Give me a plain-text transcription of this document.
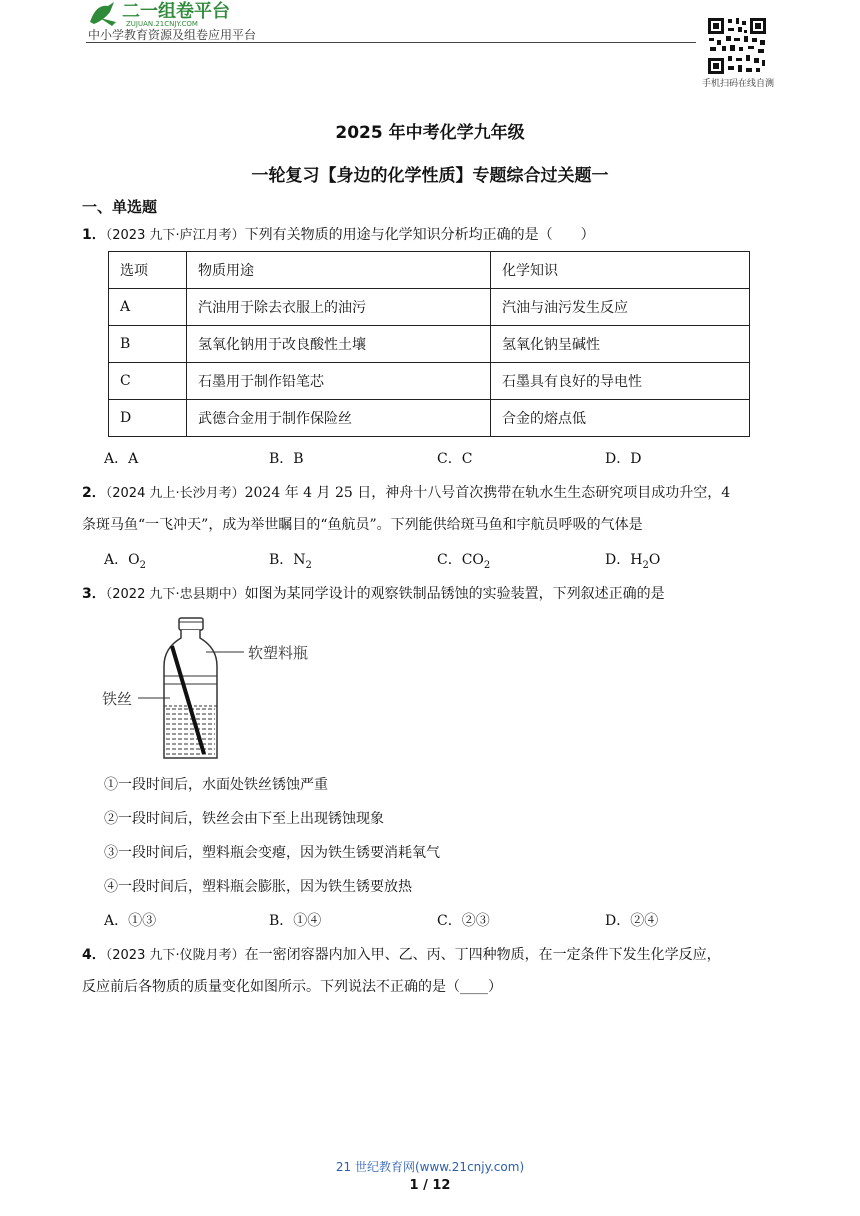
二一组卷平台
ZUJUAN.21CNJY.COM
中小学教育资源及组卷应用平台
手机扫码在线自测
2025 年中考化学九年级
一轮复习【身边的化学性质】专题综合过关题一
一、单选题
1．（2023 九下·庐江月考）下列有关物质的用途与化学知识分析均正确的是（　　）
选项	物质用途	化学知识
A	汽油用于除去衣服上的油污	汽油与油污发生反应
B	氢氧化钠用于改良酸性土壤	氢氧化钠呈碱性
C	石墨用于制作铅笔芯	石墨具有良好的导电性
D	武德合金用于制作保险丝	合金的熔点低
A．A	B．B	C．C	D．D
2．（2024 九上·长沙月考）2024 年 4 月 25 日，神舟十八号首次携带在轨水生生态研究项目成功升空，4
条斑马鱼“一飞冲天”，成为举世瞩目的“鱼航员”。下列能供给斑马鱼和宇航员呼吸的气体是
A．$O_2$	B．$N_2$	C．$CO_2$	D．$H_2O$
3．（2022 九下·忠县期中）如图为某同学设计的观察铁制品锈蚀的实验装置，下列叙述正确的是
软塑料瓶
铁丝
①一段时间后，水面处铁丝锈蚀严重
②一段时间后，铁丝会由下至上出现锈蚀现象
③一段时间后，塑料瓶会变瘪，因为铁生锈要消耗氧气
④一段时间后，塑料瓶会膨胀，因为铁生锈要放热
A．①③	B．①④	C．②③	D．②④
4．（2023 九下·仪陇月考）在一密闭容器内加入甲、乙、丙、丁四种物质，在一定条件下发生化学反应，
反应前后各物质的质量变化如图所示。下列说法不正确的是（____）
21 世纪教育网(www.21cnjy.com)
1 / 12
